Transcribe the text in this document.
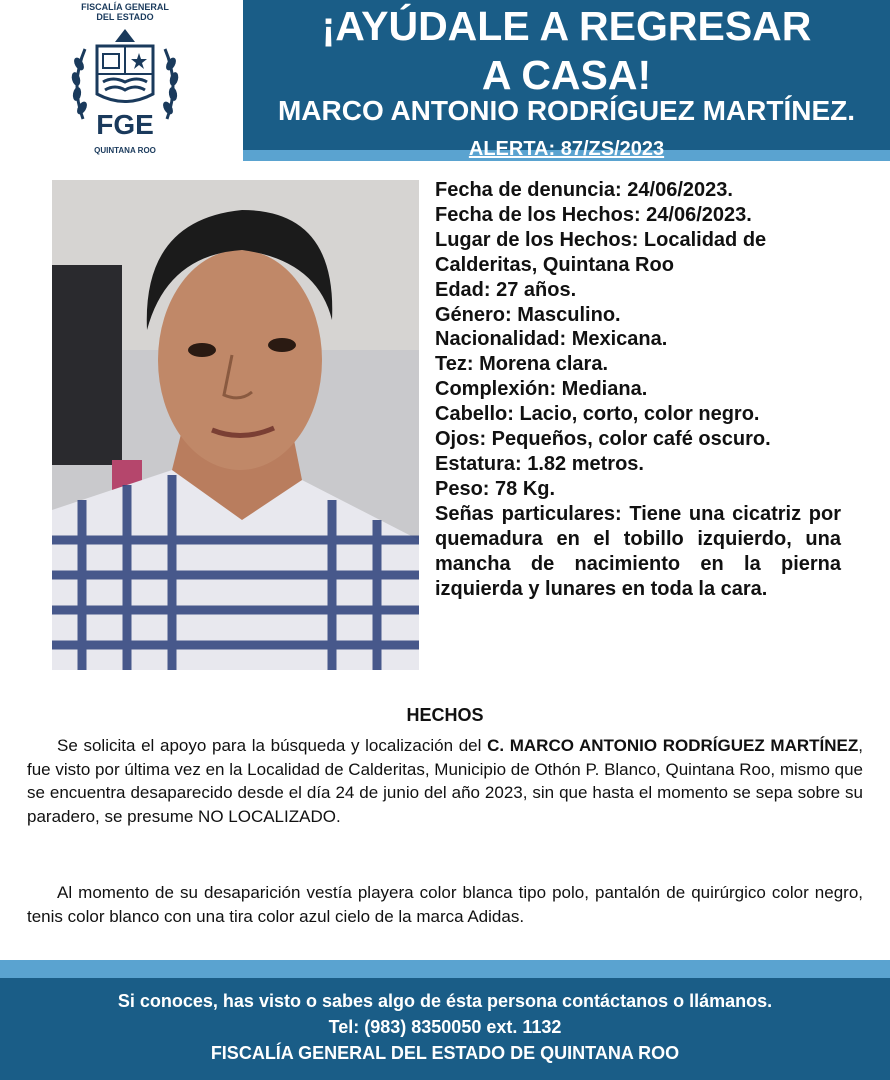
FISCALÍA GENERAL
DEL ESTADO
FGE
QUINTANA ROO
¡AYÚDALE A REGRESAR
A CASA!
MARCO ANTONIO RODRÍGUEZ MARTÍNEZ.
ALERTA: 87/ZS/2023
Fecha de denuncia: 24/06/2023.
Fecha de los Hechos: 24/06/2023.
Lugar de los Hechos: Localidad de
Calderitas, Quintana Roo
Edad: 27 años.
Género: Masculino.
Nacionalidad: Mexicana.
Tez: Morena clara.
Complexión: Mediana.
Cabello: Lacio, corto, color negro.
Ojos: Pequeños, color café oscuro.
Estatura: 1.82 metros.
Peso: 78 Kg.
Señas particulares: Tiene una cicatriz por quemadura en el tobillo izquierdo, una mancha de nacimiento en la pierna izquierda y lunares en toda la cara.
HECHOS
Se solicita el apoyo para la búsqueda y localización del C. MARCO ANTONIO RODRÍGUEZ MARTÍNEZ, fue visto por última vez en la Localidad de Calderitas, Municipio de Othón P. Blanco, Quintana Roo, mismo que se encuentra desaparecido desde el día 24 de junio del año 2023, sin que hasta el momento se sepa sobre su paradero, se presume NO LOCALIZADO.
Al momento de su desaparición vestía playera color blanca tipo polo, pantalón de quirúrgico color negro, tenis color blanco con una tira color azul cielo de la marca Adidas.
Si conoces, has visto o sabes algo de ésta persona contáctanos o llámanos.
Tel: (983) 8350050 ext. 1132
FISCALÍA GENERAL DEL ESTADO DE QUINTANA ROO
